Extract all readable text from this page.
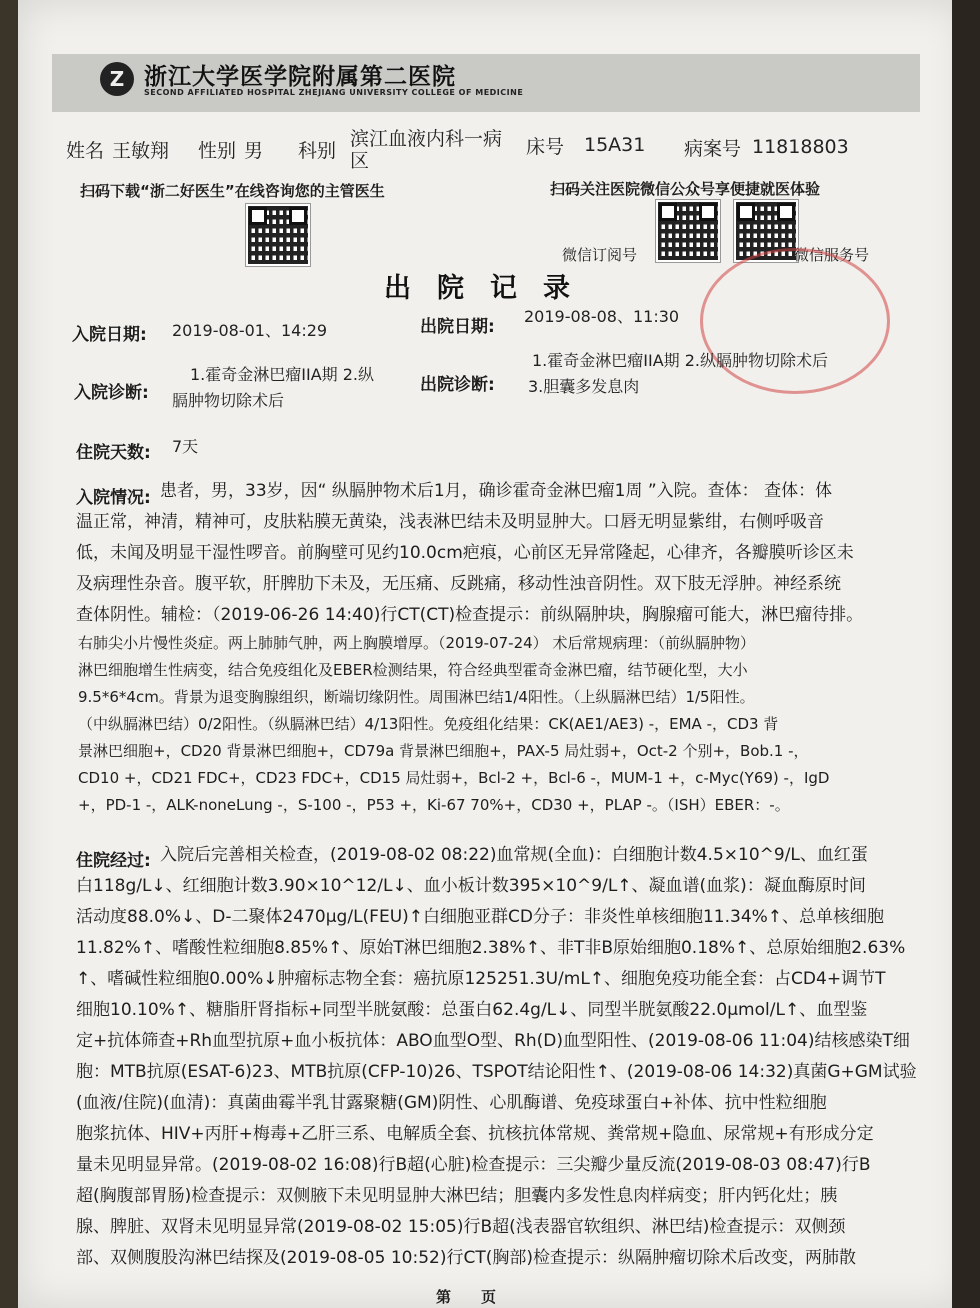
Z 浙江大学医学院附属第二医院
SECOND AFFILIATED HOSPITAL ZHEJIANG UNIVERSITY COLLEGE OF MEDICINE
姓名 王敏翔 性别 男 科别
滨江血液内科一病
区
床号 15A31 病案号 11818803
扫码下载“浙二好医生”在线咨询您的主管医生	扫码关注医院微信公众号享便捷就医体验
微信订阅号	微信服务号
出院记录
入院日期: 2019-08-01、14:29	出院日期:
2019-08-08、11:30
入院诊断:
1.霍奇金淋巴瘤IIA期 2.纵
膈肿物切除术后
出院诊断:
1.霍奇金淋巴瘤IIA期 2.纵膈肿物切除术后
3.胆囊多发息肉
住院天数: 7天
入院情况: 患者，男，33岁，因“ 纵膈肿物术后1月，确诊霍奇金淋巴瘤1周 ”入院。查体： 查体：体
温正常，神清，精神可，皮肤粘膜无黄染，浅表淋巴结未及明显肿大。口唇无明显紫绀，右侧呼吸音
低，未闻及明显干湿性啰音。前胸壁可见约10.0cm疤痕，心前区无异常隆起，心律齐，各瓣膜听诊区未
及病理性杂音。腹平软，肝脾肋下未及，无压痛、反跳痛，移动性浊音阴性。双下肢无浮肿。神经系统
查体阴性。辅检：（2019-06-26 14:40)行CT(CT)检查提示：前纵隔肿块，胸腺瘤可能大，淋巴瘤待排。
右肺尖小片慢性炎症。两上肺肺气肿，两上胸膜增厚。（2019-07-24） 术后常规病理：（前纵膈肿物）
淋巴细胞增生性病变，结合免疫组化及EBER检测结果，符合经典型霍奇金淋巴瘤，结节硬化型，大小
9.5*6*4cm。背景为退变胸腺组织，断端切缘阴性。周围淋巴结1/4阳性。（上纵膈淋巴结）1/5阳性。
（中纵膈淋巴结）0/2阳性。（纵膈淋巴结）4/13阳性。免疫组化结果：CK(AE1/AE3) -，EMA -，CD3 背
景淋巴细胞+，CD20 背景淋巴细胞+，CD79a 背景淋巴细胞+，PAX-5 局灶弱+，Oct-2 个别+，Bob.1 -，
CD10 +，CD21 FDC+，CD23 FDC+，CD15 局灶弱+，Bcl-2 +，Bcl-6 -，MUM-1 +，c-Myc(Y69) -，IgD
+，PD-1 -，ALK-noneLung -，S-100 -，P53 +，Ki-67 70%+，CD30 +，PLAP -。（ISH）EBER：-。
住院经过: 入院后完善相关检查，(2019-08-02 08:22)血常规(全血)：白细胞计数4.5×10^9/L、血红蛋
白118g/L↓、红细胞计数3.90×10^12/L↓、血小板计数395×10^9/L↑、凝血谱(血浆)：凝血酶原时间
活动度88.0%↓、D-二聚体2470μg/L(FEU)↑白细胞亚群CD分子：非炎性单核细胞11.34%↑、总单核细胞
11.82%↑、嗜酸性粒细胞8.85%↑、原始T淋巴细胞2.38%↑、非T非B原始细胞0.18%↑、总原始细胞2.63%
↑、嗜碱性粒细胞0.00%↓肿瘤标志物全套：癌抗原125251.3U/mL↑、细胞免疫功能全套：占CD4+调节T
细胞10.10%↑、糖脂肝肾指标+同型半胱氨酸：总蛋白62.4g/L↓、同型半胱氨酸22.0μmol/L↑、血型鉴
定+抗体筛查+Rh血型抗原+血小板抗体：ABO血型O型、Rh(D)血型阳性、(2019-08-06 11:04)结核感染T细
胞：MTB抗原(ESAT-6)23、MTB抗原(CFP-10)26、TSPOT结论阳性↑、(2019-08-06 14:32)真菌G+GM试验
(血液/住院)(血清)：真菌曲霉半乳甘露聚糖(GM)阴性、心肌酶谱、免疫球蛋白+补体、抗中性粒细胞
胞浆抗体、HIV+丙肝+梅毒+乙肝三系、电解质全套、抗核抗体常规、粪常规+隐血、尿常规+有形成分定
量未见明显异常。(2019-08-02 16:08)行B超(心脏)检查提示：三尖瓣少量反流(2019-08-03 08:47)行B
超(胸腹部胃肠)检查提示：双侧腋下未见明显肿大淋巴结；胆囊内多发性息肉样病变；肝内钙化灶；胰
腺、脾脏、双肾未见明显异常(2019-08-02 15:05)行B超(浅表器官软组织、淋巴结)检查提示：双侧颈
部、双侧腹股沟淋巴结探及(2019-08-05 10:52)行CT(胸部)检查提示：纵隔肿瘤切除术后改变，两肺散
第页
